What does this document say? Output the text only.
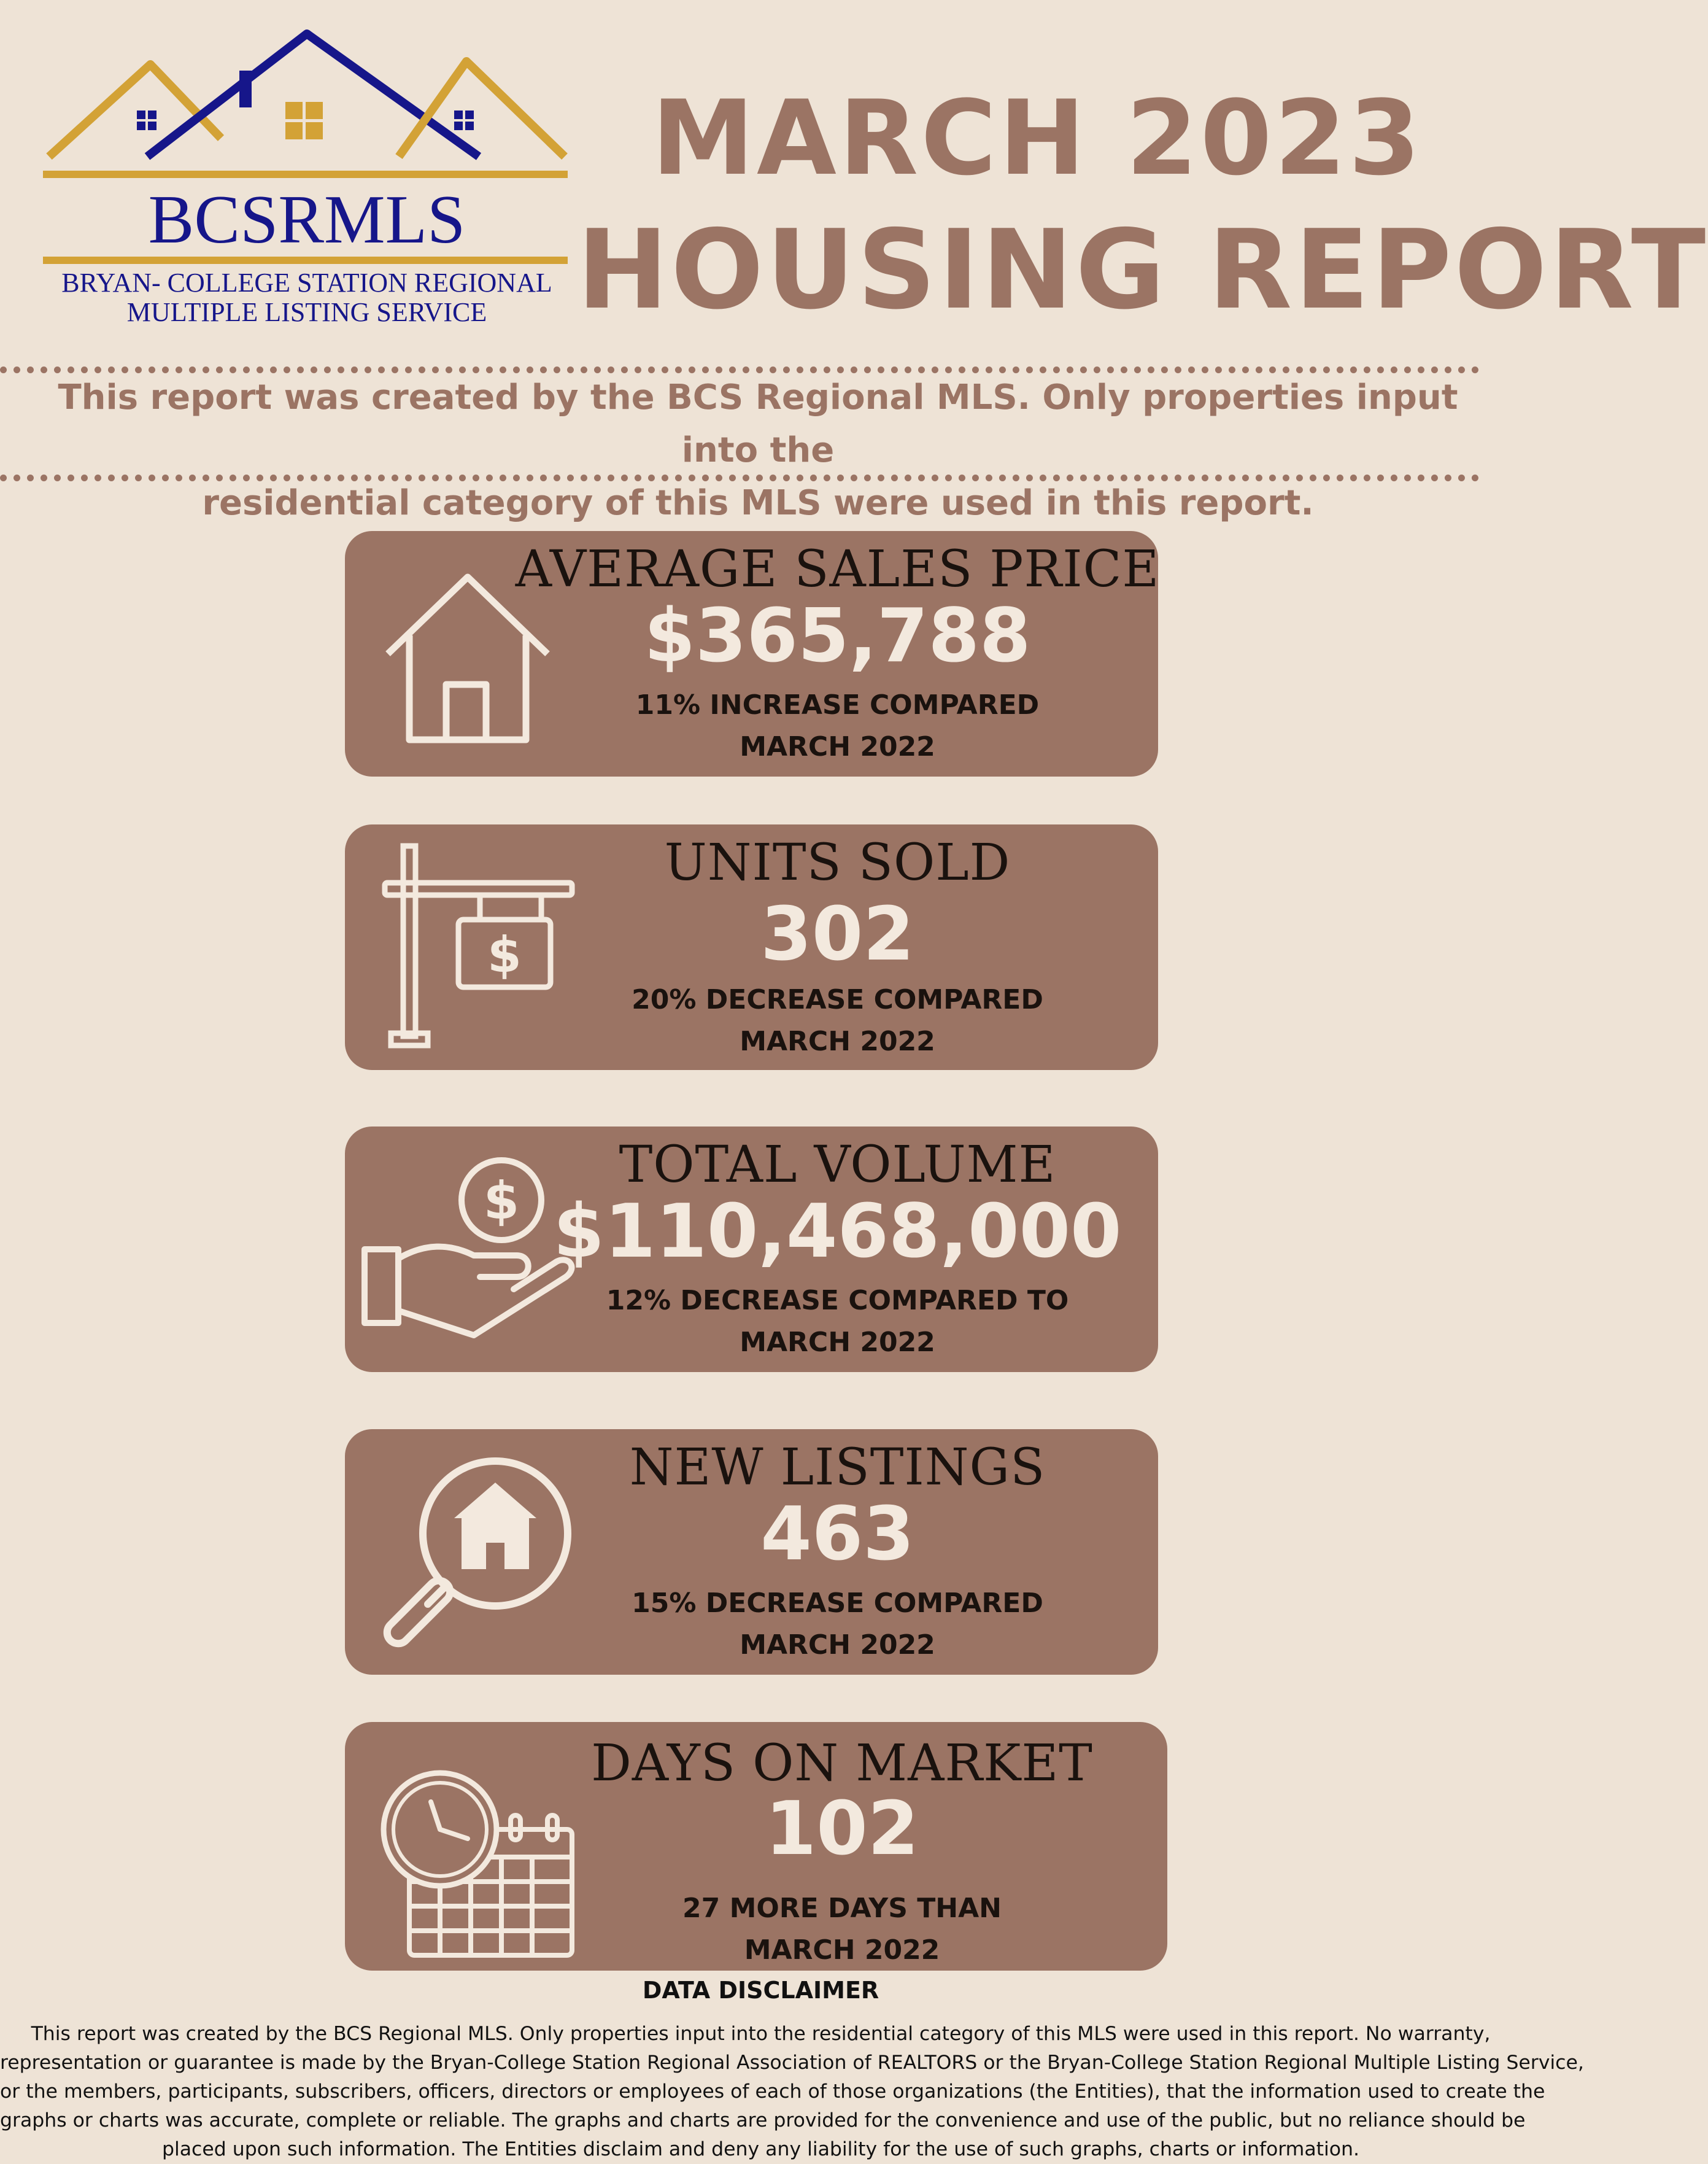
BCSRMLS
BRYAN- COLLEGE STATION REGIONAL
MULTIPLE LISTING SERVICE
MARCH 2023
HOUSING REPORT
This report was created by the BCS Regional MLS. Only properties input into the
residential category of this MLS were used in this report.
AVERAGE SALES PRICE
$365,788
11% INCREASE COMPARED
MARCH 2022
$
UNITS SOLD
302
20% DECREASE COMPARED
MARCH 2022
$
TOTAL VOLUME
$110,468,000
12% DECREASE COMPARED TO
MARCH 2022
NEW LISTINGS
463
15% DECREASE COMPARED
MARCH 2022
DAYS ON MARKET
102
27 MORE DAYS THAN
MARCH 2022
DATA DISCLAIMER
This report was created by the BCS Regional MLS. Only properties input into the residential category of this MLS were used in this report. No warranty,
representation or guarantee is made by the Bryan-College Station Regional Association of REALTORS or the Bryan-College Station Regional Multiple Listing Service,
or the members, participants, subscribers, officers, directors or employees of each of those organizations (the Entities), that the information used to create the
graphs or charts was accurate, complete or reliable. The graphs and charts are provided for the convenience and use of the public, but no reliance should be
placed upon such information. The Entities disclaim and deny any liability for the use of such graphs, charts or information.
